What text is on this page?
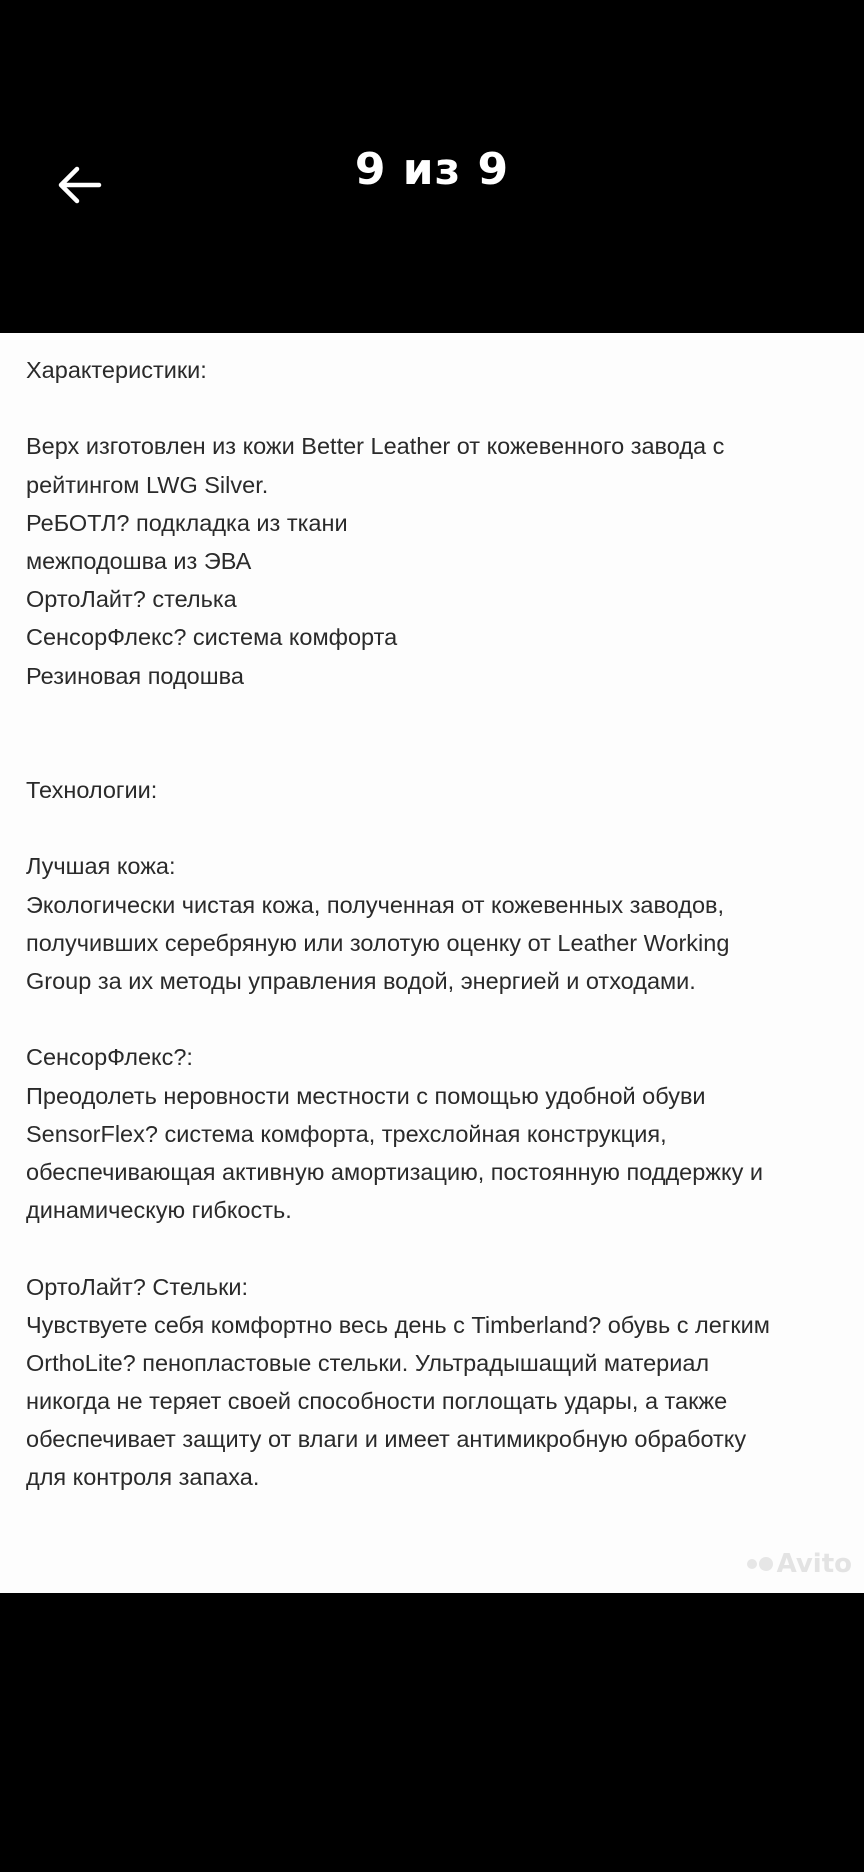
9 из 9
Характеристики:
Верх изготовлен из кожи Better Leather от кожевенного завода с
рейтингом LWG Silver.
РеБОТЛ? подкладка из ткани
межподошва из ЭВА
ОртоЛайт? стелька
СенсорФлекс? система комфорта
Резиновая подошва
Технологии:
Лучшая кожа:
Экологически чистая кожа, полученная от кожевенных заводов,
получивших серебряную или золотую оценку от Leather Working
Group за их методы управления водой, энергией и отходами.
СенсорФлекс?:
Преодолеть неровности местности с помощью удобной обуви
SensorFlex? система комфорта, трехслойная конструкция,
обеспечивающая активную амортизацию, постоянную поддержку и
динамическую гибкость.
ОртоЛайт? Стельки:
Чувствуете себя комфортно весь день с Timberland? обувь с легким
OrthoLite? пенопластовые стельки. Ультрадышащий материал
никогда не теряет своей способности поглощать удары, а также
обеспечивает защиту от влаги и имеет антимикробную обработку
для контроля запаха.
Avito
